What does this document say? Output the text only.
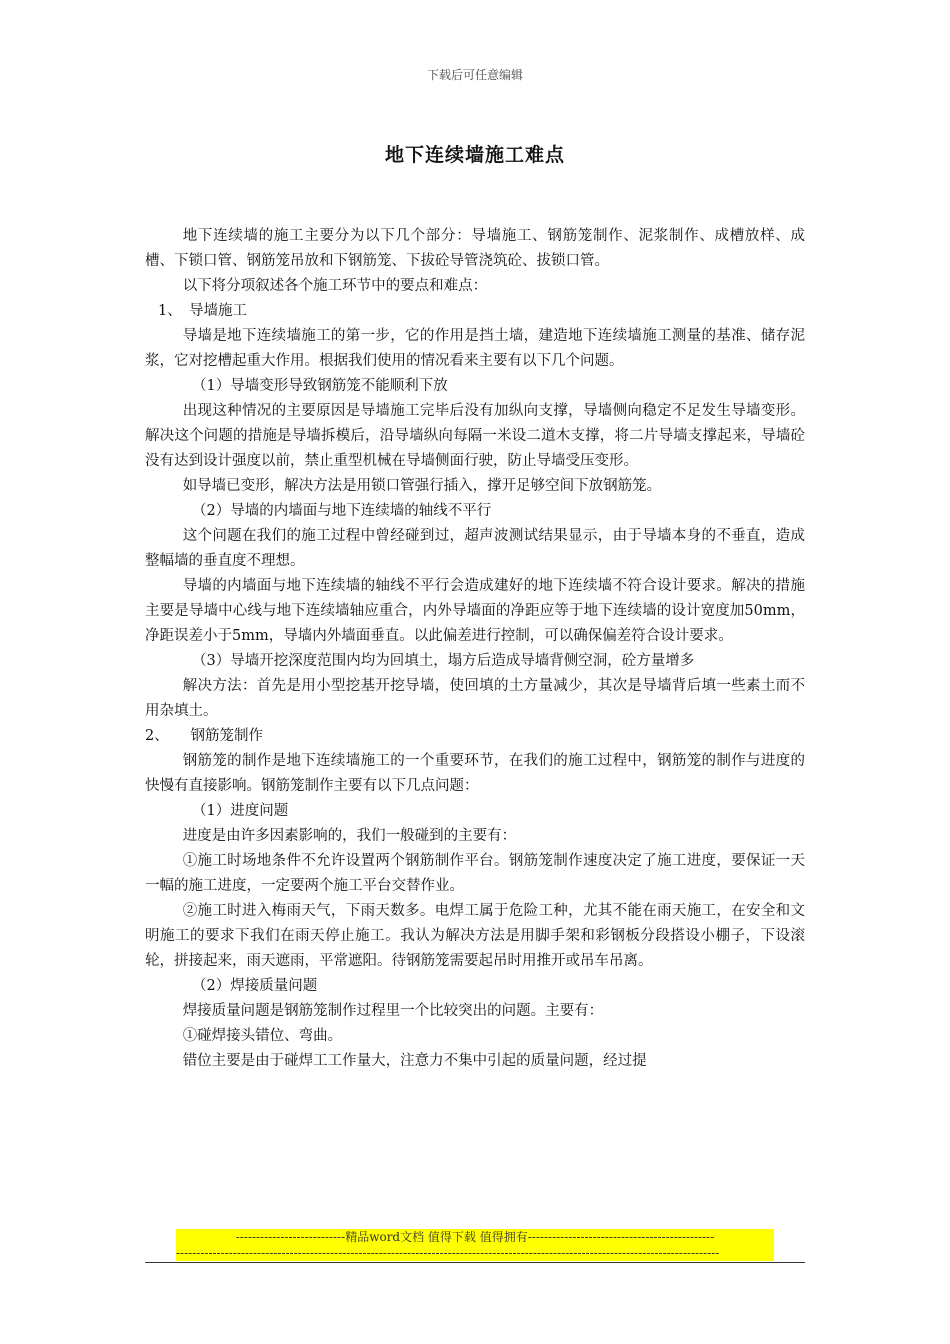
下载后可任意编辑
地下连续墙施工难点

地下连续墙的施工主要分为以下几个部分：导墙施工、钢筋笼制作、泥浆制作、成槽放样、成槽、下锁口管、钢筋笼吊放和下钢筋笼、下拔砼导管浇筑砼、拔锁口管。

以下将分项叙述各个施工环节中的要点和难点：

1、　导墙施工

导墙是地下连续墙施工的第一步，它的作用是挡土墙，建造地下连续墙施工测量的基准、储存泥浆，它对挖槽起重大作用。根据我们使用的情况看来主要有以下几个问题。

（1）导墙变形导致钢筋笼不能顺利下放

出现这种情况的主要原因是导墙施工完毕后没有加纵向支撑，导墙侧向稳定不足发生导墙变形。解决这个问题的措施是导墙拆模后，沿导墙纵向每隔一米设二道木支撑，将二片导墙支撑起来，导墙砼没有达到设计强度以前，禁止重型机械在导墙侧面行驶，防止导墙受压变形。

如导墙已变形，解决方法是用锁口管强行插入，撑开足够空间下放钢筋笼。

（2）导墙的内墙面与地下连续墙的轴线不平行

这个问题在我们的施工过程中曾经碰到过，超声波测试结果显示，由于导墙本身的不垂直，造成整幅墙的垂直度不理想。

导墙的内墙面与地下连续墙的轴线不平行会造成建好的地下连续墙不符合设计要求。解决的措施主要是导墙中心线与地下连续墙轴应重合，内外导墙面的净距应等于地下连续墙的设计宽度加50mm，净距误差小于5mm，导墙内外墙面垂直。以此偏差进行控制，可以确保偏差符合设计要求。

（3）导墙开挖深度范围内均为回填土，塌方后造成导墙背侧空洞，砼方量增多

解决方法：首先是用小型挖基开挖导墙，使回填的土方量减少，其次是导墙背后填一些素土而不用杂填土。

2、　　钢筋笼制作

钢筋笼的制作是地下连续墙施工的一个重要环节，在我们的施工过程中，钢筋笼的制作与进度的快慢有直接影响。钢筋笼制作主要有以下几点问题：

（1）进度问题

进度是由许多因素影响的，我们一般碰到的主要有：

①施工时场地条件不允许设置两个钢筋制作平台。钢筋笼制作速度决定了施工进度，要保证一天一幅的施工进度，一定要两个施工平台交替作业。

②施工时进入梅雨天气，下雨天数多。电焊工属于危险工种，尤其不能在雨天施工，在安全和文明施工的要求下我们在雨天停止施工。我认为解决方法是用脚手架和彩钢板分段搭设小棚子，下设滚轮，拼接起来，雨天遮雨，平常遮阳。待钢筋笼需要起吊时用推开或吊车吊离。

（2）焊接质量问题

焊接质量问题是钢筋笼制作过程里一个比较突出的问题。主要有：

①碰焊接头错位、弯曲。

错位主要是由于碰焊工工作量大，注意力不集中引起的质量问题，经过提

---------------------------精品word文档 值得下载 值得拥有----------------------------------------------
--------------------------------------------------------------------------------------------------------------------------------------
